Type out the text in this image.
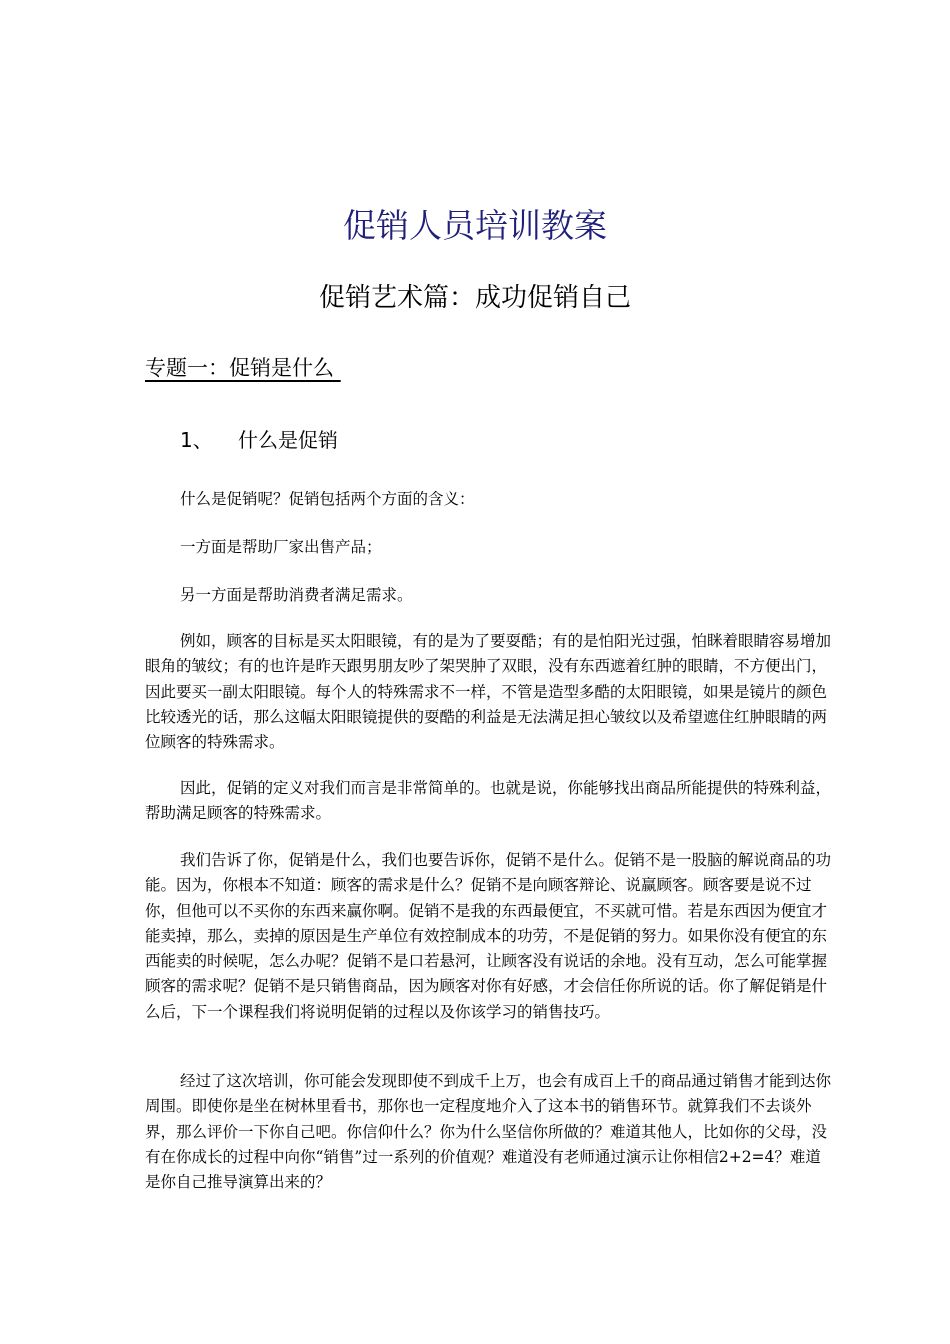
促销人员培训教案
促销艺术篇：成功促销自己
专题一：促销是什么
1、 什么是促销

什么是促销呢？促销包括两个方面的含义：

一方面是帮助厂家出售产品；

另一方面是帮助消费者满足需求。

例如，顾客的目标是买太阳眼镜，有的是为了要耍酷；有的是怕阳光过强，怕眯着眼睛容易增加眼角的皱纹；有的也许是昨天跟男朋友吵了架哭肿了双眼，没有东西遮着红肿的眼睛，不方便出门，因此要买一副太阳眼镜。每个人的特殊需求不一样，不管是造型多酷的太阳眼镜，如果是镜片的颜色比较透光的话，那么这幅太阳眼镜提供的耍酷的利益是无法满足担心皱纹以及希望遮住红肿眼睛的两位顾客的特殊需求。

因此，促销的定义对我们而言是非常简单的。也就是说，你能够找出商品所能提供的特殊利益，帮助满足顾客的特殊需求。

我们告诉了你，促销是什么，我们也要告诉你，促销不是什么。促销不是一股脑的解说商品的功能。因为，你根本不知道：顾客的需求是什么？促销不是向顾客辩论、说赢顾客。顾客要是说不过你，但他可以不买你的东西来赢你啊。促销不是我的东西最便宜，不买就可惜。若是东西因为便宜才能卖掉，那么，卖掉的原因是生产单位有效控制成本的功劳，不是促销的努力。如果你没有便宜的东西能卖的时候呢，怎么办呢？促销不是口若悬河，让顾客没有说话的余地。没有互动，怎么可能掌握顾客的需求呢？促销不是只销售商品，因为顾客对你有好感，才会信任你所说的话。你了解促销是什么后，下一个课程我们将说明促销的过程以及你该学习的销售技巧。

经过了这次培训，你可能会发现即使不到成千上万，也会有成百上千的商品通过销售才能到达你周围。即使你是坐在树林里看书，那你也一定程度地介入了这本书的销售环节。就算我们不去谈外界，那么评价一下你自己吧。你信仰什么？你为什么坚信你所做的？难道其他人，比如你的父母，没有在你成长的过程中向你“销售”过一系列的价值观？难道没有老师通过演示让你相信2+2=4？难道是你自己推导演算出来的？
